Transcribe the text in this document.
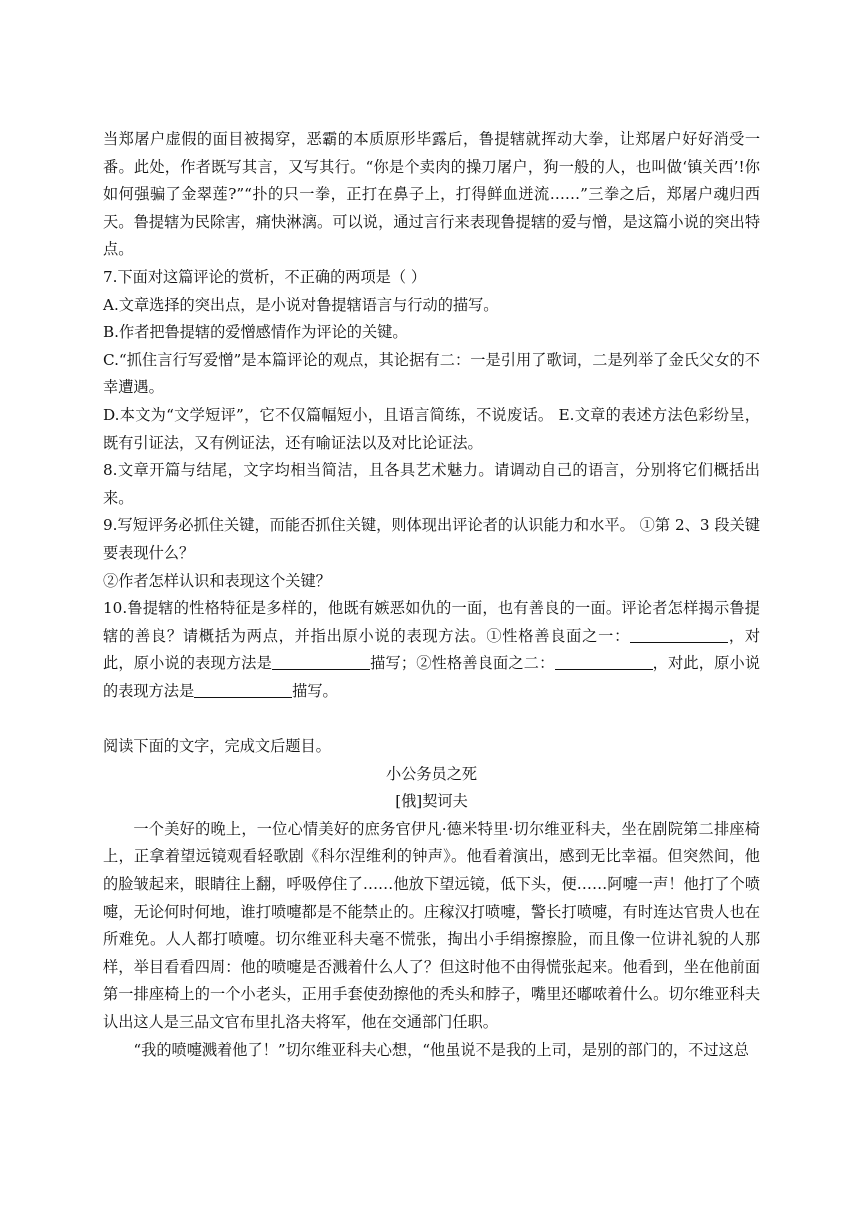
当郑屠户虚假的面目被揭穿，恶霸的本质原形毕露后，鲁提辖就挥动大拳，让郑屠户好好消受一番。此处，作者既写其言，又写其行。“你是个卖肉的操刀屠户，狗一般的人，也叫做‘镇关西’!你如何强骗了金翠莲?”“扑的只一拳，正打在鼻子上，打得鲜血迸流……”三拳之后，郑屠户魂归西天。鲁提辖为民除害，痛快淋漓。可以说，通过言行来表现鲁提辖的爱与憎，是这篇小说的突出特点。

7.下面对这篇评论的赏析，不正确的两项是（ ）

A.文章选择的突出点，是小说对鲁提辖语言与行动的描写。

B.作者把鲁提辖的爱憎感情作为评论的关键。

C.“抓住言行写爱憎”是本篇评论的观点，其论据有二：一是引用了歌词，二是列举了金氏父女的不幸遭遇。

D.本文为“文学短评”，它不仅篇幅短小，且语言简练，不说废话。 E.文章的表述方法色彩纷呈，既有引证法，又有例证法，还有喻证法以及对比论证法。

8.文章开篇与结尾，文字均相当简洁，且各具艺术魅力。请调动自己的语言，分别将它们概括出来。

9.写短评务必抓住关键，而能否抓住关键，则体现出评论者的认识能力和水平。 ①第 2、3 段关键要表现什么？

②作者怎样认识和表现这个关键？

10.鲁提辖的性格特征是多样的，他既有嫉恶如仇的一面，也有善良的一面。评论者怎样揭示鲁提辖的善良？请概括为两点，并指出原小说的表现方法。①性格善良面之一：	，对此，原小说的表现方法是	描写；②性格善良面之二：	，对此，原小说的表现方法是	描写。

阅读下面的文字，完成文后题目。

小公务员之死

[俄]契诃夫

一个美好的晚上，一位心情美好的庶务官伊凡·德米特里·切尔维亚科夫，坐在剧院第二排座椅上，正拿着望远镜观看轻歌剧《科尔涅维利的钟声》。他看着演出，感到无比幸福。但突然间，他的脸皱起来，眼睛往上翻，呼吸停住了……他放下望远镜，低下头，便……阿嚏一声！他打了个喷嚏，无论何时何地，谁打喷嚏都是不能禁止的。庄稼汉打喷嚏，警长打喷嚏，有时连达官贵人也在所难免。人人都打喷嚏。切尔维亚科夫毫不慌张，掏出小手绢擦擦脸，而且像一位讲礼貌的人那样，举目看看四周：他的喷嚏是否溅着什么人了？但这时他不由得慌张起来。他看到，坐在他前面第一排座椅上的一个小老头，正用手套使劲擦他的秃头和脖子，嘴里还嘟哝着什么。切尔维亚科夫认出这人是三品文官布里扎洛夫将军，他在交通部门任职。

“我的喷嚏溅着他了！”切尔维亚科夫心想，“他虽说不是我的上司，是别的部门的，不过这总
